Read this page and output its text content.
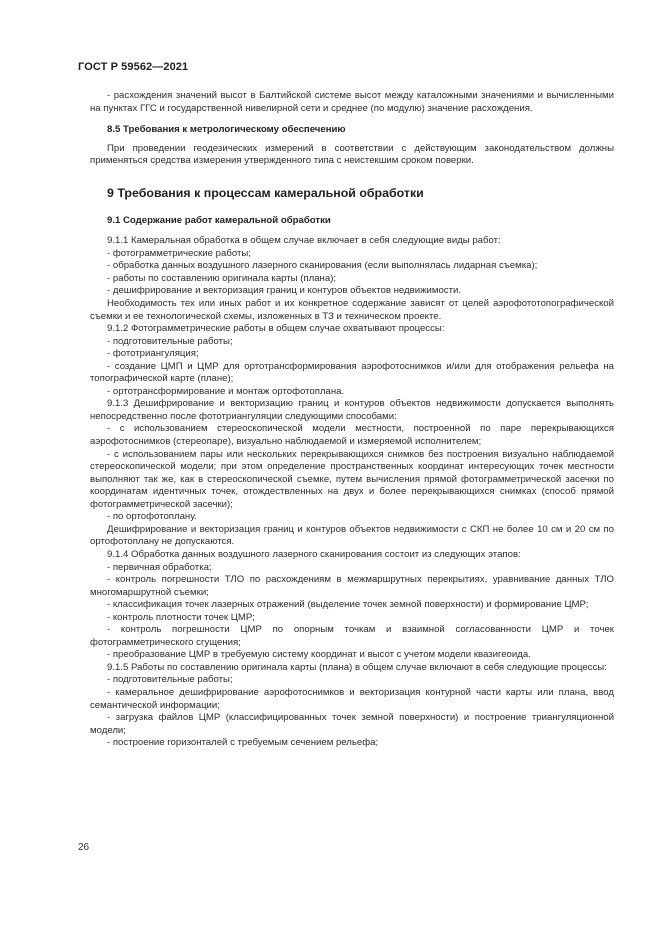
ГОСТ Р 59562—2021

- расхождения значений высот в Балтийской системе высот между каталожными значениями и вычисленными на пунктах ГГС и государственной нивелирной сети и среднее (по модулю) значение расхождения.

8.5 Требования к метрологическому обеспечению

При проведении геодезических измерений в соответствии с действующим законодательством должны применяться средства измерения утвержденного типа с неистекшим сроком поверки.

9 Требования к процессам камеральной обработки

9.1 Содержание работ камеральной обработки

9.1.1 Камеральная обработка в общем случае включает в себя следующие виды работ:

- фотограмметрические работы;

- обработка данных воздушного лазерного сканирования (если выполнялась лидарная съемка);

- работы по составлению оригинала карты (плана);

- дешифрирование и векторизация границ и контуров объектов недвижимости.

Необходимость тех или иных работ и их конкретное содержание зависят от целей аэрофототопографической съемки и ее технологической схемы, изложенных в ТЗ и техническом проекте.

9.1.2 Фотограмметрические работы в общем случае охватывают процессы:

- подготовительные работы;

- фототриангуляция;

- создание ЦМП и ЦМР для ортотрансформирования аэрофотоснимков и/или для отображения рельефа на топографической карте (плане);

- ортотрансформирование и монтаж ортофотоплана.

9.1.3 Дешифрирование и векторизацию границ и контуров объектов недвижимости допускается выполнять непосредственно после фототриангуляции следующими способами:

- с использованием стереоскопической модели местности, построенной по паре перекрывающихся аэрофотоснимков (стереопаре), визуально наблюдаемой и измеряемой исполнителем;

- с использованием пары или нескольких перекрывающихся снимков без построения визуально наблюдаемой стереоскопической модели; при этом определение пространственных координат интересующих точек местности выполняют так же, как в стереоскопической съемке, путем вычисления прямой фотограмметрической засечки по координатам идентичных точек, отождествленных на двух и более перекрывающихся снимках (способ прямой фотограмметрической засечки);

- по ортофотоплану.

Дешифрирование и векторизация границ и контуров объектов недвижимости с СКП не более 10 см и 20 см по ортофотоплану не допускаются.

9.1.4 Обработка данных воздушного лазерного сканирования состоит из следующих этапов:

- первичная обработка;

- контроль погрешности ТЛО по расхождениям в межмаршрутных перекрытиях, уравнивание данных ТЛО многомаршрутной съемки;

- классификация точек лазерных отражений (выделение точек земной поверхности) и формирование ЦМР;

- контроль плотности точек ЦМР;

- контроль погрешности ЦМР по опорным точкам и взаимной согласованности ЦМР и точек фотограмметрического сгущения;

- преобразование ЦМР в требуемую систему координат и высот с учетом модели квазигеоида.

9.1.5 Работы по составлению оригинала карты (плана) в общем случае включают в себя следующие процессы:

- подготовительные работы;

- камеральное дешифрирование аэрофотоснимков и векторизация контурной части карты или плана, ввод семантической информации;

- загрузка файлов ЦМР (классифицированных точек земной поверхности) и построение триангуляционной модели;

- построение горизонталей с требуемым сечением рельефа;

26
